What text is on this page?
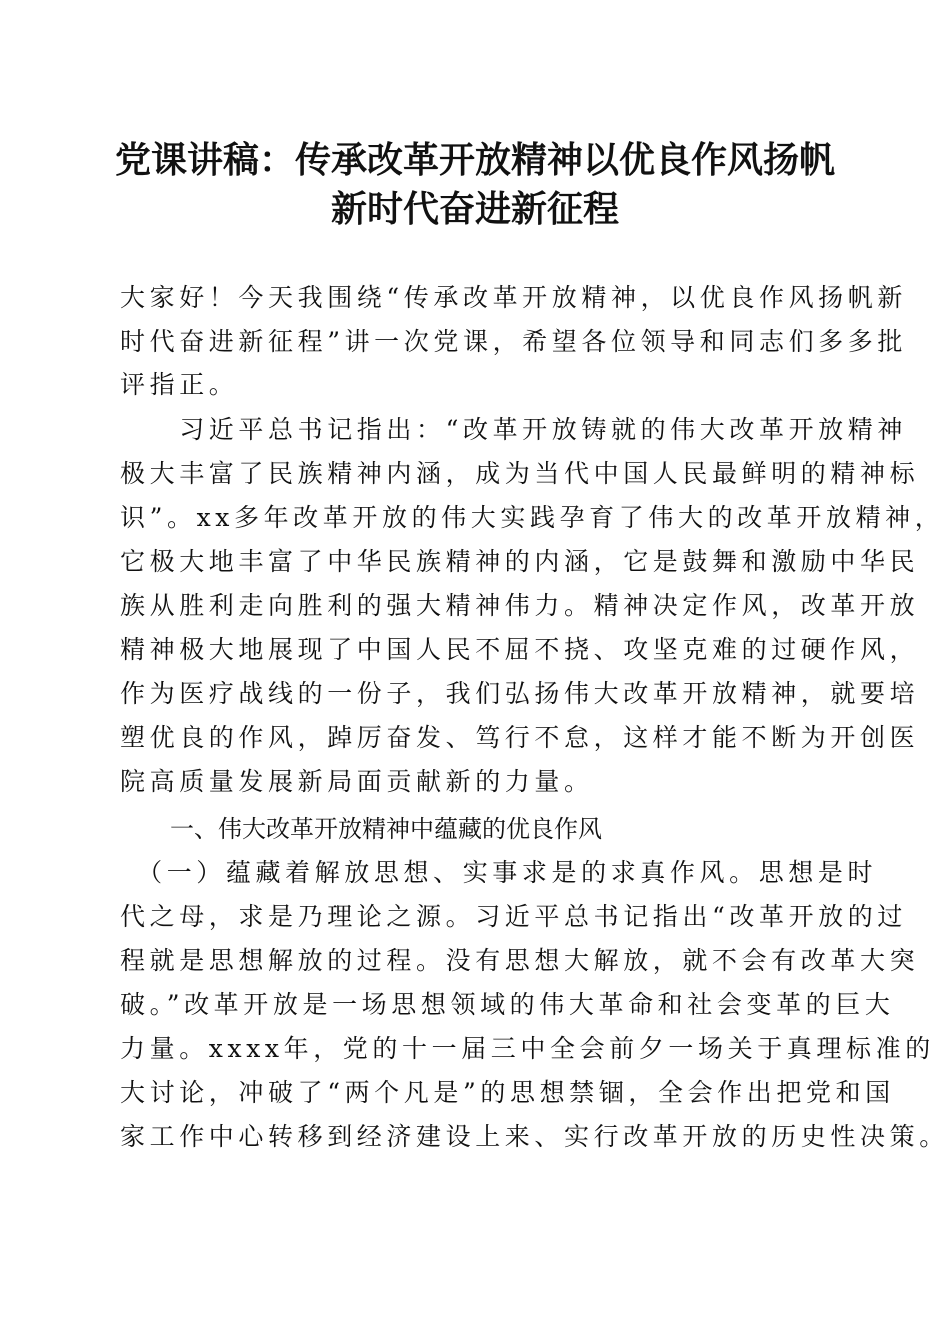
党课讲稿：传承改革开放精神以优良作风扬帆
新时代奋进新征程
大家好！今天我围绕“传承改革开放精神，以优良作风扬帆新
时代奋进新征程”讲一次党课，希望各位领导和同志们多多批
评指正。
　　习近平总书记指出：“改革开放铸就的伟大改革开放精神
极大丰富了民族精神内涵，成为当代中国人民最鲜明的精神标
识”。xx多年改革开放的伟大实践孕育了伟大的改革开放精神，
它极大地丰富了中华民族精神的内涵，它是鼓舞和激励中华民
族从胜利走向胜利的强大精神伟力。精神决定作风，改革开放
精神极大地展现了中国人民不屈不挠、攻坚克难的过硬作风，
作为医疗战线的一份子，我们弘扬伟大改革开放精神，就要培
塑优良的作风，踔厉奋发、笃行不怠，这样才能不断为开创医
院高质量发展新局面贡献新的力量。
一、伟大改革开放精神中蕴藏的优良作风
　（一）蕴藏着解放思想、实事求是的求真作风。思想是时
代之母，求是乃理论之源。习近平总书记指出“改革开放的过
程就是思想解放的过程。没有思想大解放，就不会有改革大突
破。”改革开放是一场思想领域的伟大革命和社会变革的巨大
力量。xxxx年，党的十一届三中全会前夕一场关于真理标准的
大讨论，冲破了“两个凡是”的思想禁锢，全会作出把党和国
家工作中心转移到经济建设上来、实行改革开放的历史性决策。
